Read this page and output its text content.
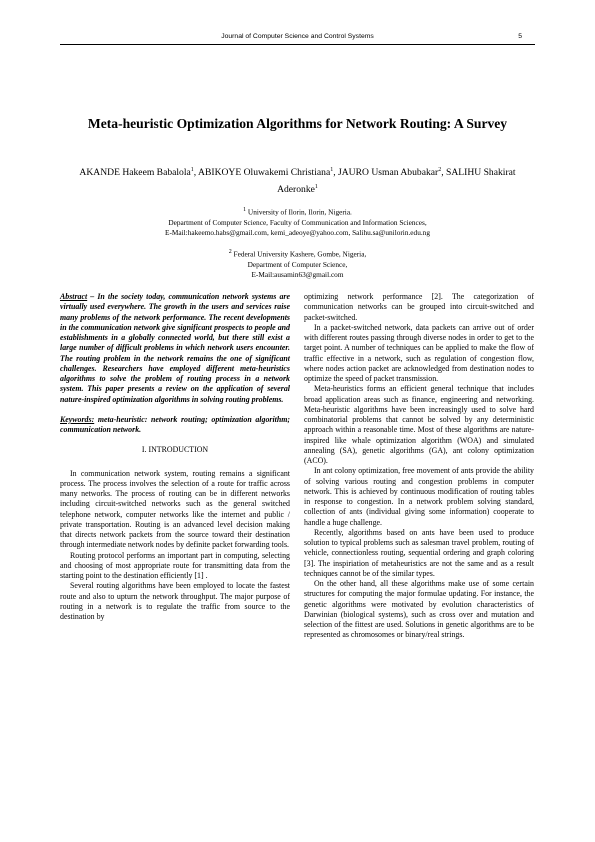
Journal of Computer Science and Control Systems	5
Meta-heuristic Optimization Algorithms for Network Routing: A Survey
AKANDE Hakeem Babalola$^1$, ABIKOYE Oluwakemi Christiana$^1$, JAURO Usman Abubakar$^2$, SALIHU Shakirat Aderonke$^1$
$^1$ University of Ilorin, Ilorin, Nigeria.
Department of Computer Science, Faculty of Communication and Information Sciences,
E-Mail:hakeemo.habs@gmail.com, kemi_adeoye@yahoo.com, Salihu.sa@unilorin.edu.ng
$^2$ Federal University Kashere, Gombe, Nigeria,
Department of Computer Science,
E-Mail:ausamin63@gmail.com

Abstract – In the society today, communication network systems are virtually used everywhere. The growth in the users and services raise many problems of the network performance. The recent developments in the communication network give significant prospects to people and establishments in a globally connected world, but there still exist a large number of difficult problems in which network users encounter. The routing problem in the network remains the one of significant challenges. Researchers have employed different meta-heuristics algorithms to solve the problem of routing process in a network system. This paper presents a review on the application of several nature-inspired optimization algorithms in solving routing problems.

Keywords: meta-heuristic: network routing; optimization algorithm; communication network.

I. INTRODUCTION

In communication network system, routing remains a significant process. The process involves the selection of a route for traffic across many networks. The process of routing can be in different networks including circuit-switched networks such as the general switched telephone network, computer networks like the internet and public / private transportation. Routing is an advanced level decision making that directs network packets from the source toward their destination through intermediate network nodes by definite packet forwarding tools.

Routing protocol performs an important part in computing, selecting and choosing of most appropriate route for transmitting data from the starting point to the destination efficiently [1] .

Several routing algorithms have been employed to locate the fastest route and also to upturn the network throughput. The major purpose of routing in a network is to regulate the traffic from source to the destination by

optimizing network performance [2]. The categorization of communication networks can be grouped into circuit-switched and packet-switched.

In a packet-switched network, data packets can arrive out of order with different routes passing through diverse nodes in order to get to the target point. A number of techniques can be applied to make the flow of traffic effective in a network, such as regulation of congestion flow, where nodes action packet are acknowledged from destination nodes to optimize the speed of packet transmission.

Meta-heuristics forms an efficient general technique that includes broad application areas such as finance, engineering and networking. Meta-heuristic algorithms have been increasingly used to solve hard combinatorial problems that cannot be solved by any deterministic approach within a reasonable time. Most of these algorithms are nature-inspired like whale optimization algorithm (WOA) and simulated annealing (SA), genetic algorithms (GA), ant colony optimization (ACO).

In ant colony optimization, free movement of ants provide the ability of solving various routing and congestion problems in computer network. This is achieved by continuous modification of routing tables in response to congestion. In a network problem solving standard, collection of ants (individual giving some information) cooperate to handle a huge challenge.

Recently, algorithms based on ants have been used to produce solution to typical problems such as salesman travel problem, routing of vehicle, connectionless routing, sequential ordering and graph coloring [3]. The inspiriation of metaheuristics are not the same and as a result techniques cannot be of the similar types.

On the other hand, all these algorithms make use of some certain structures for computing the major formulae updating. For instance, the genetic algorithms were motivated by evolution characteristics of Darwinian (biological systems), such as cross over and mutation and selection of the fittest are used. Solutions in genetic algorithms are to be represented as chromosomes or binary/real strings.
